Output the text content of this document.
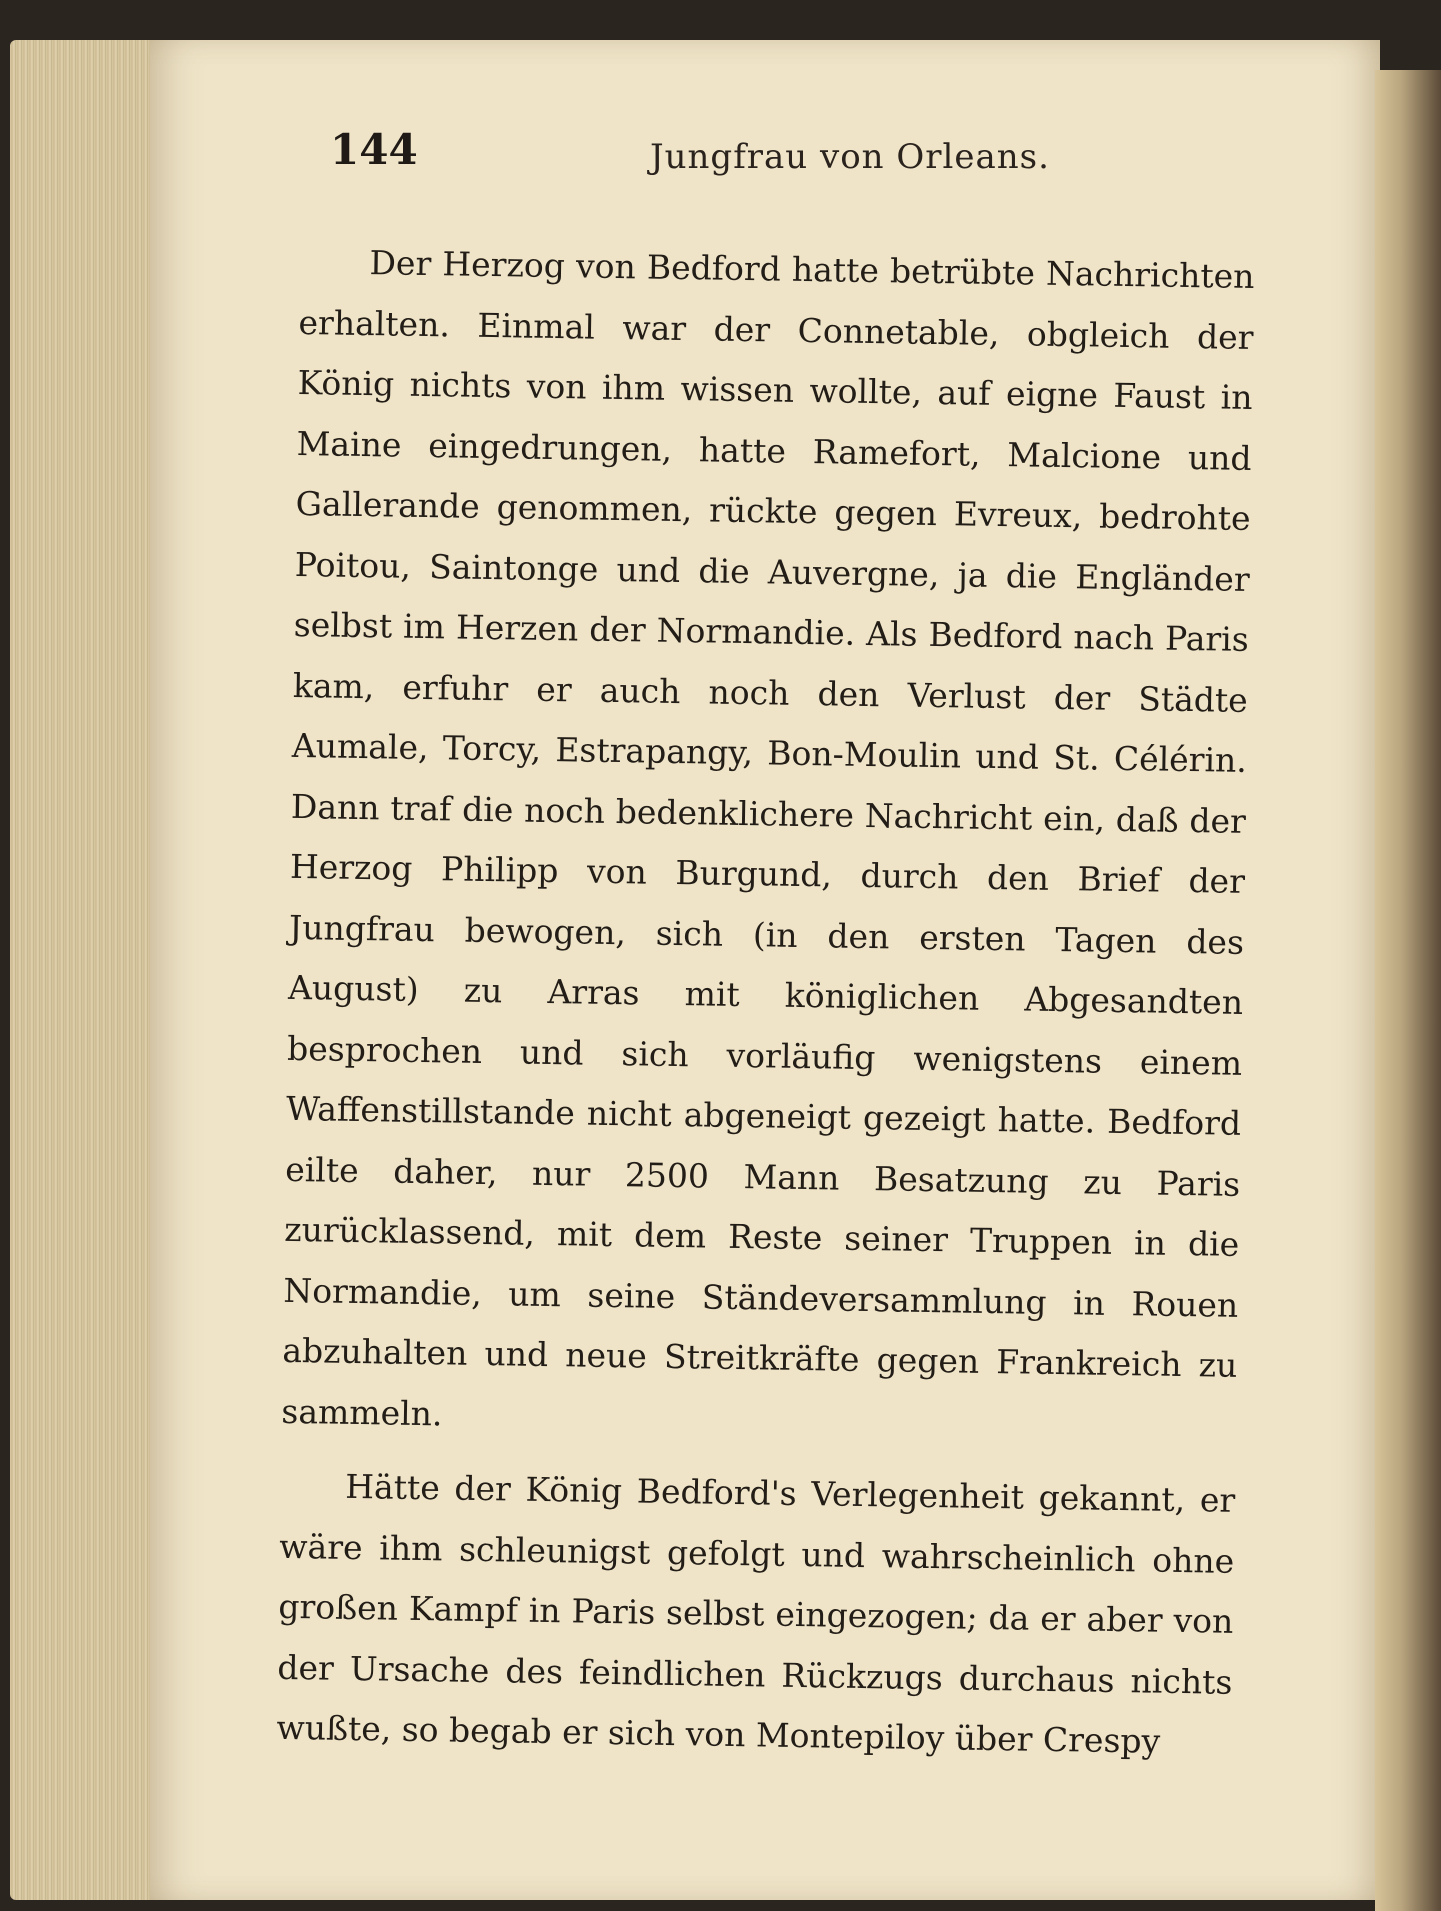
144	Jungfrau von Orleans.

Der Herzog von Bedford hatte betrübte Nachrichten erhalten. Einmal war der Connetable, obgleich der König nichts von ihm wissen wollte, auf eigne Faust in Maine eingedrungen, hatte Ramefort, Malcione und Gallerande genommen, rückte gegen Evreux, bedrohte Poitou, Saintonge und die Auvergne, ja die Engländer selbst im Herzen der Normandie. Als Bedford nach Paris kam, erfuhr er auch noch den Verlust der Städte Aumale, Torcy, Estrapangy, Bon-Moulin und St. Célérin. Dann traf die noch bedenklichere Nachricht ein, daß der Herzog Philipp von Burgund, durch den Brief der Jungfrau bewogen, sich (in den ersten Tagen des August) zu Arras mit königlichen Abgesandten besprochen und sich vorläufig wenigstens einem Waffenstillstande nicht abgeneigt gezeigt hatte. Bedford eilte daher, nur 2500 Mann Besatzung zu Paris zurücklassend, mit dem Reste seiner Truppen in die Normandie, um seine Ständeversammlung in Rouen abzuhalten und neue Streitkräfte gegen Frankreich zu sammeln.

Hätte der König Bedford's Verlegenheit gekannt, er wäre ihm schleunigst gefolgt und wahrscheinlich ohne großen Kampf in Paris selbst eingezogen; da er aber von der Ursache des feindlichen Rückzugs durchaus nichts wußte, so begab er sich von Montepiloy über Crespy
